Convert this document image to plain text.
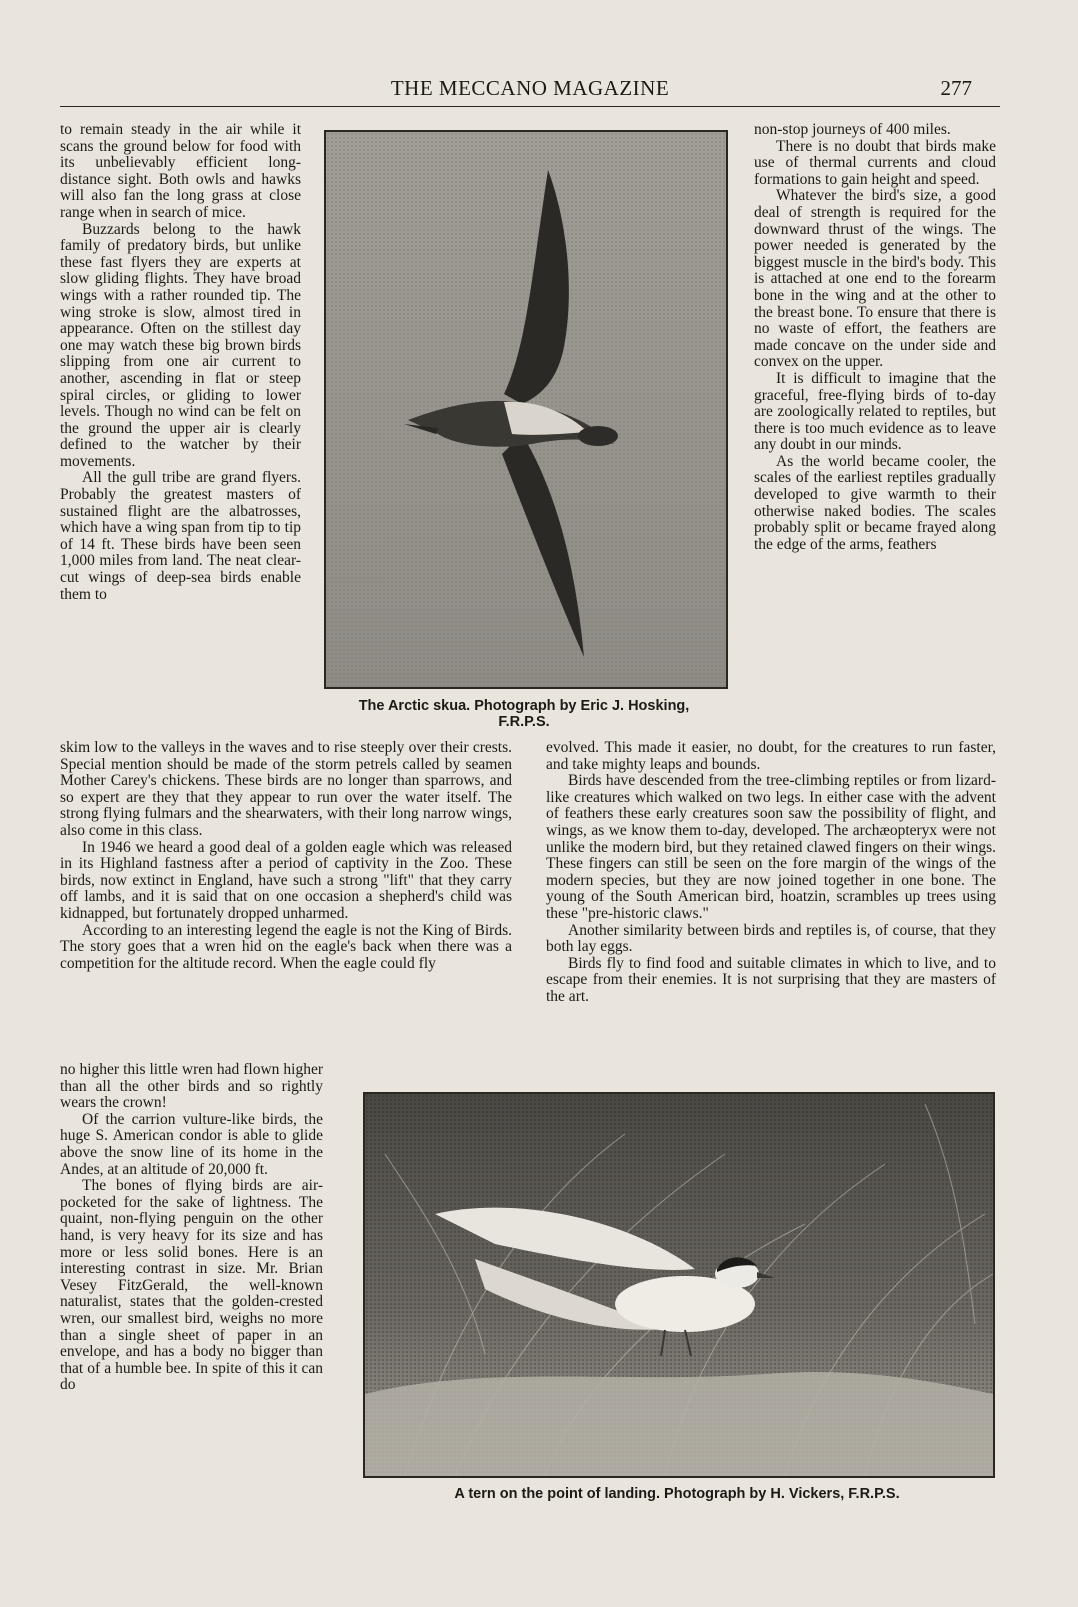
THE MECCANO MAGAZINE	277

to remain steady in the air while it scans the ground below for food with its unbelievably efficient long-distance sight. Both owls and hawks will also fan the long grass at close range when in search of mice.

Buzzards belong to the hawk family of predatory birds, but unlike these fast flyers they are experts at slow gliding flights. They have broad wings with a rather rounded tip. The wing stroke is slow, almost tired in appearance. Often on the stillest day one may watch these big brown birds slipping from one air current to another, ascending in flat or steep spiral circles, or gliding to lower levels. Though no wind can be felt on the ground the upper air is clearly defined to the watcher by their movements.

All the gull tribe are grand flyers. Probably the greatest masters of sustained flight are the albatrosses, which have a wing span from tip to tip of 14 ft. These birds have been seen 1,000 miles from land. The neat clear-cut wings of deep-sea birds enable them to

The Arctic skua. Photograph by Eric J. Hosking,
F.R.P.S.

non-stop journeys of 400 miles.

There is no doubt that birds make use of thermal currents and cloud formations to gain height and speed.

Whatever the bird's size, a good deal of strength is required for the downward thrust of the wings. The power needed is generated by the biggest muscle in the bird's body. This is attached at one end to the forearm bone in the wing and at the other to the breast bone. To ensure that there is no waste of effort, the feathers are made concave on the under side and convex on the upper.

It is difficult to imagine that the graceful, free-flying birds of to-day are zoologically related to reptiles, but there is too much evidence as to leave any doubt in our minds.

As the world became cooler, the scales of the earliest reptiles gradually developed to give warmth to their otherwise naked bodies. The scales probably split or became frayed along the edge of the arms, feathers

skim low to the valleys in the waves and to rise steeply over their crests. Special mention should be made of the storm petrels called by seamen Mother Carey's chickens. These birds are no longer than sparrows, and so expert are they that they appear to run over the water itself. The strong flying fulmars and the shearwaters, with their long narrow wings, also come in this class.

In 1946 we heard a good deal of a golden eagle which was released in its Highland fastness after a period of captivity in the Zoo. These birds, now extinct in England, have such a strong "lift" that they carry off lambs, and it is said that on one occasion a shepherd's child was kidnapped, but fortunately dropped unharmed.

According to an interesting legend the eagle is not the King of Birds. The story goes that a wren hid on the eagle's back when there was a competition for the altitude record. When the eagle could fly

evolved. This made it easier, no doubt, for the creatures to run faster, and take mighty leaps and bounds.

Birds have descended from the tree-climbing reptiles or from lizard-like creatures which walked on two legs. In either case with the advent of feathers these early creatures soon saw the possibility of flight, and wings, as we know them to-day, developed. The archæopteryx were not unlike the modern bird, but they retained clawed fingers on their wings. These fingers can still be seen on the fore margin of the wings of the modern species, but they are now joined together in one bone. The young of the South American bird, hoatzin, scrambles up trees using these "pre-historic claws."

Another similarity between birds and reptiles is, of course, that they both lay eggs.

Birds fly to find food and suitable climates in which to live, and to escape from their enemies. It is not surprising that they are masters of the art.

no higher this little wren had flown higher than all the other birds and so rightly wears the crown!

Of the carrion vulture-like birds, the huge S. American condor is able to glide above the snow line of its home in the Andes, at an altitude of 20,000 ft.

The bones of flying birds are air-pocketed for the sake of lightness. The quaint, non-flying penguin on the other hand, is very heavy for its size and has more or less solid bones. Here is an interesting contrast in size. Mr. Brian Vesey FitzGerald, the well-known naturalist, states that the golden-crested wren, our smallest bird, weighs no more than a single sheet of paper in an envelope, and has a body no bigger than that of a humble bee. In spite of this it can do

A tern on the point of landing. Photograph by H. Vickers, F.R.P.S.
